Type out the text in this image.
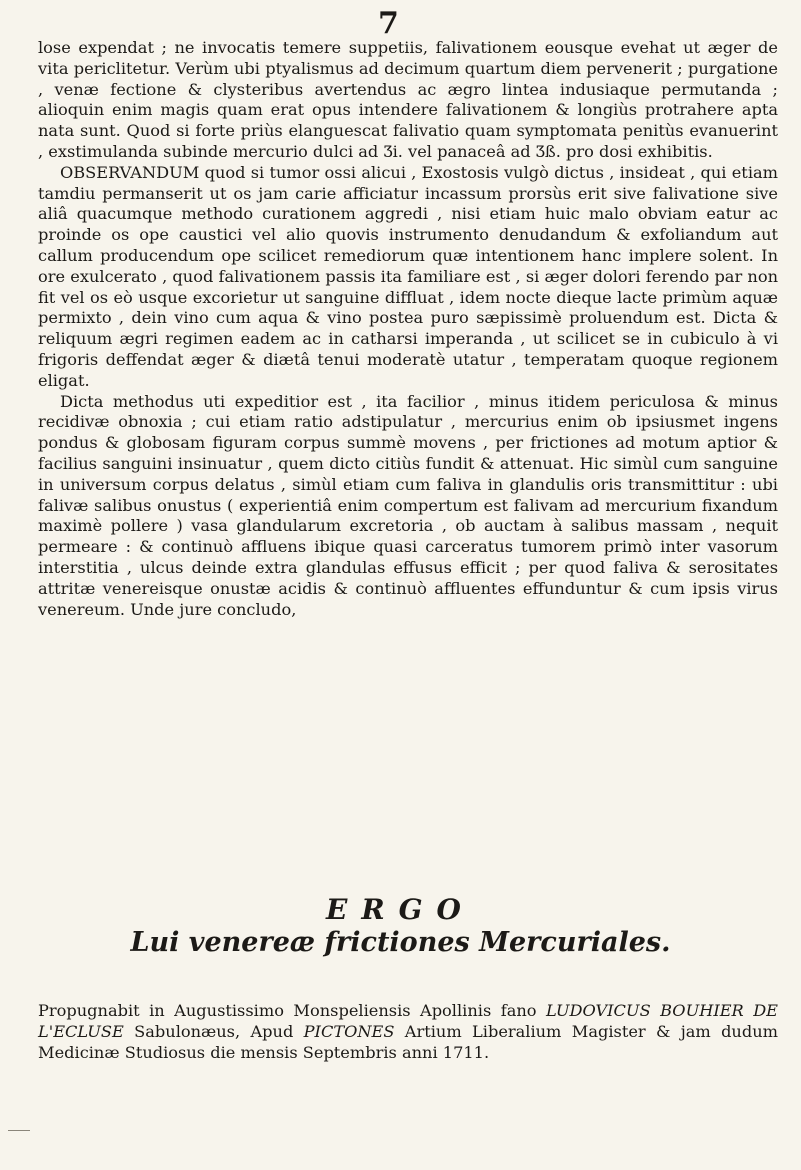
7

lose expendat ; ne invocatis temere suppetiis, falivationem eousque evehat ut æger de vita periclitetur. Verùm ubi ptyalismus ad decimum quartum diem pervenerit ; purgatione , venæ fectione & clysteribus avertendus ac ægro lintea indusiaque permutanda ; alioquin enim magis quam erat opus intendere falivationem & longiùs protrahere apta nata sunt. Quod si forte priùs elanguescat falivatio quam symptomata penitùs evanuerint , exstimulanda subinde mercurio dulci ad Ʒi. vel panaceâ ad Ʒß. pro dosi exhibitis.

OBSERVANDUM quod si tumor ossi alicui , Exostosis vulgò dictus , insideat , qui etiam tamdiu permanserit ut os jam carie afficiatur incassum prorsùs erit sive falivatione sive aliâ quacumque methodo curationem aggredi , nisi etiam huic malo obviam eatur ac proinde os ope caustici vel alio quovis instrumento denudandum & exfoliandum aut callum producendum ope scilicet remediorum quæ intentionem hanc implere solent. In ore exulcerato , quod falivationem passis ita familiare est , si æger dolori ferendo par non fit vel os eò usque excorietur ut sanguine diffluat , idem nocte dieque lacte primùm aquæ permixto , dein vino cum aqua & vino postea puro sæpissimè proluendum est. Dicta & reliquum ægri regimen eadem ac in catharsi imperanda , ut scilicet se in cubiculo à vi frigoris deffendat æger & diætâ tenui moderatè utatur , temperatam quoque regionem eligat.

Dicta methodus uti expeditior est , ita facilior , minus itidem periculosa & minus recidivæ obnoxia ; cui etiam ratio adstipulatur , mercurius enim ob ipsiusmet ingens pondus & globosam figuram corpus summè movens , per frictiones ad motum aptior & facilius sanguini insinuatur , quem dicto citiùs fundit & attenuat. Hic simùl cum sanguine in universum corpus delatus , simùl etiam cum faliva in glandulis oris transmittitur : ubi falivæ salibus onustus ( experientiâ enim compertum est falivam ad mercurium fixandum maximè pollere ) vasa glandularum excretoria , ob auctam à salibus massam , nequit permeare : & continuò affluens ibique quasi carceratus tumorem primò inter vasorum interstitia , ulcus deinde extra glandulas effusus efficit ; per quod faliva & serositates attritæ venereisque onustæ acidis & continuò affluentes effunduntur & cum ipsis virus venereum. Unde jure concludo,

ERGO
Lui venereæ frictiones Mercuriales.
Propugnabit in Augustissimo Monspeliensis Apollinis fano LUDOVICUS BOUHIER DE L'ECLUSE Sabulonæus, Apud PICTONES Artium Liberalium Magister & jam dudum Medicinæ Studiosus die mensis Septembris anni 1711.
